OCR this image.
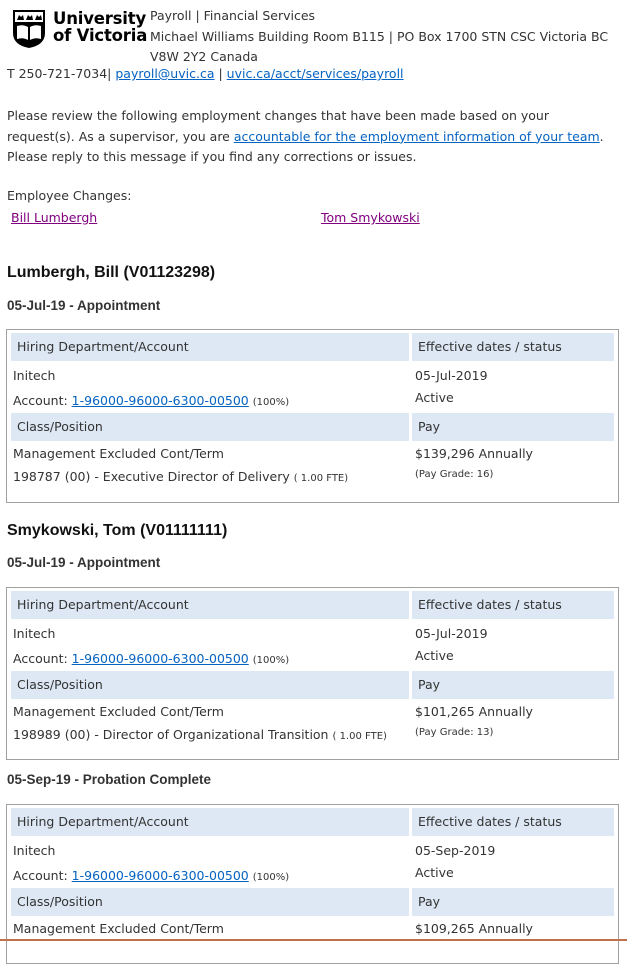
University
of Victoria
Payroll | Financial Services
Michael Williams Building Room B115 | PO Box 1700 STN CSC Victoria BC
V8W 2Y2 Canada
T 250-721-7034| payroll@uvic.ca | uvic.ca/acct/services/payroll
Please review the following employment changes that have been made based on your request(s). As a supervisor, you are accountable for the employment information of your team. Please reply to this message if you find any corrections or issues.
Employee Changes:
Bill Lumbergh	Tom Smykowski
Lumbergh, Bill (V01123298)
05-Jul-19 - Appointment
Hiring Department/Account	Effective dates / status
Initech	05-Jul-2019
Account: 1-96000-96000-6300-00500 (100%)	Active
Class/Position	Pay
Management Excluded Cont/Term	$139,296 Annually
198787 (00) - Executive Director of Delivery ( 1.00 FTE)	(Pay Grade: 16)
Smykowski, Tom (V01111111)
05-Jul-19 - Appointment
Hiring Department/Account	Effective dates / status
Initech	05-Jul-2019
Account: 1-96000-96000-6300-00500 (100%)	Active
Class/Position	Pay
Management Excluded Cont/Term	$101,265 Annually
198989 (00) - Director of Organizational Transition ( 1.00 FTE)	(Pay Grade: 13)
05-Sep-19 - Probation Complete
Hiring Department/Account	Effective dates / status
Initech	05-Sep-2019
Account: 1-96000-96000-6300-00500 (100%)	Active
Class/Position	Pay
Management Excluded Cont/Term	$109,265 Annually
